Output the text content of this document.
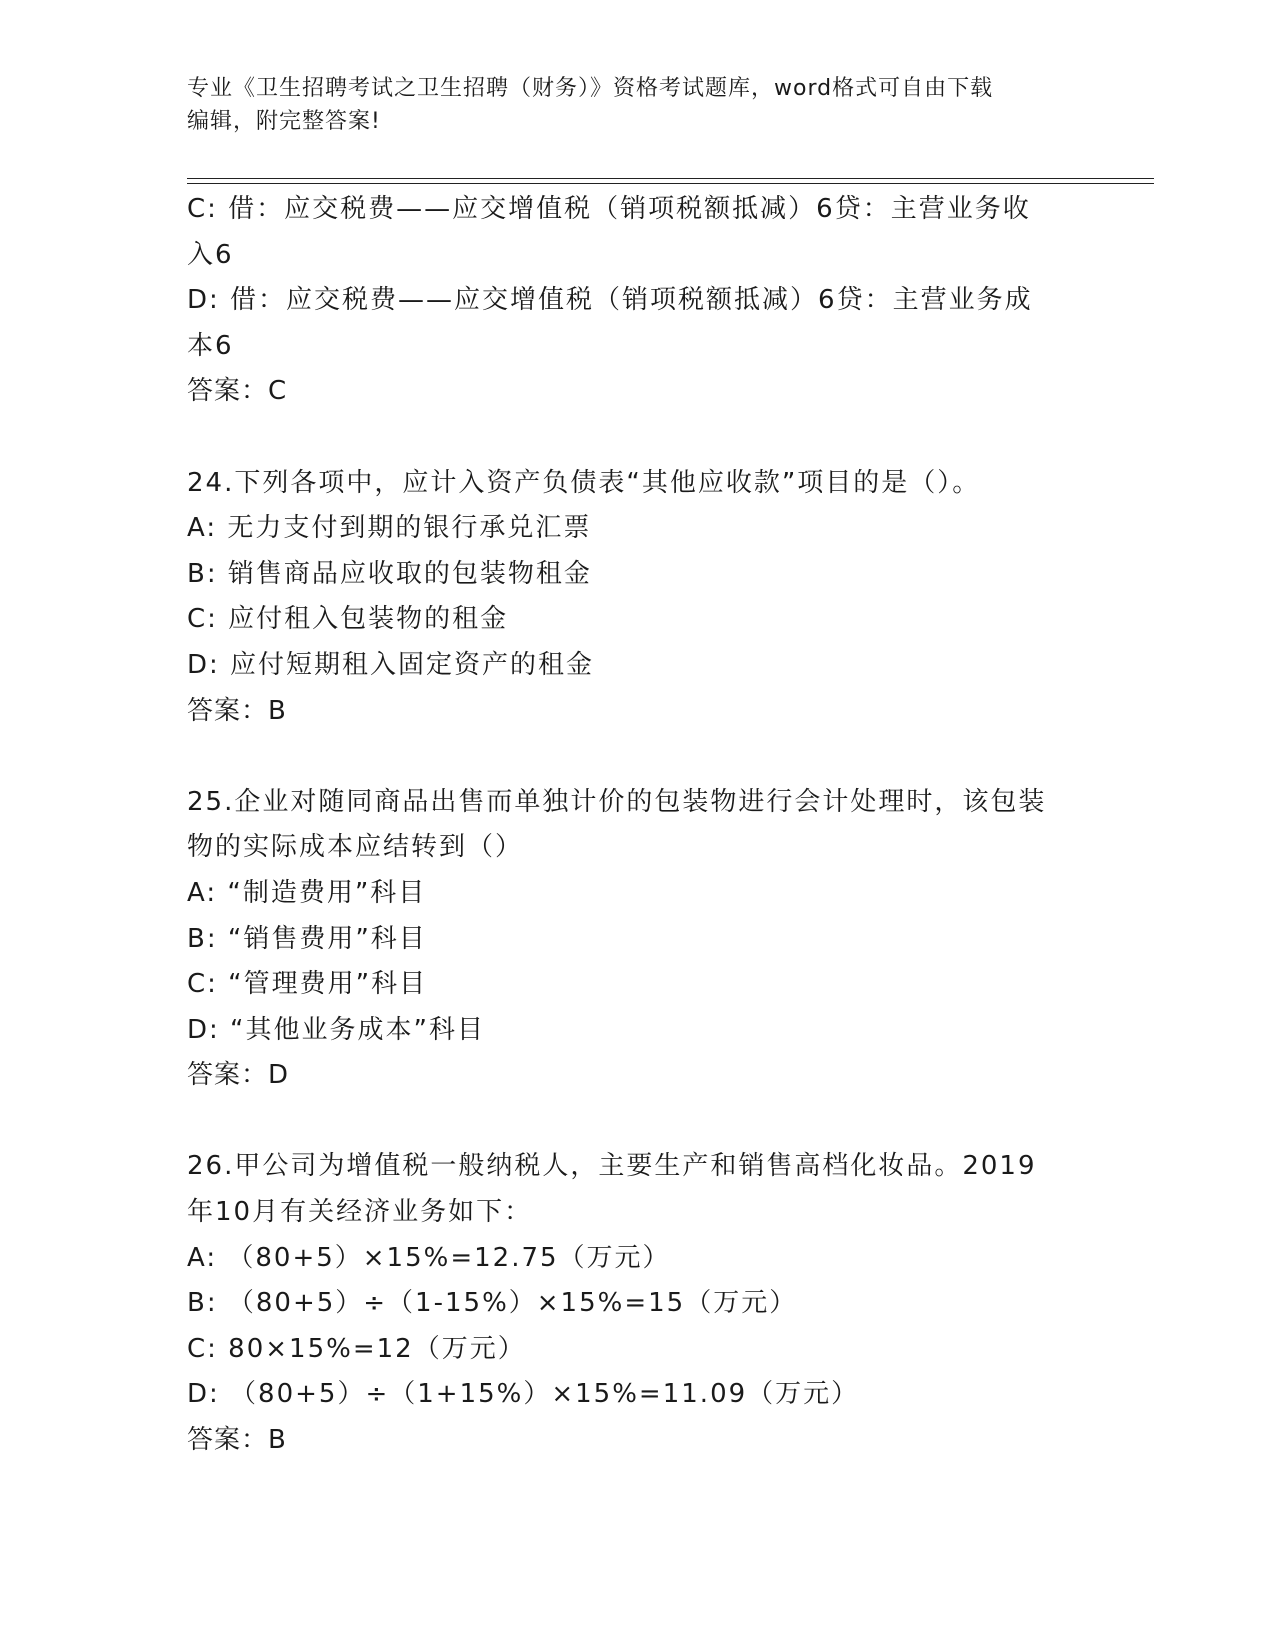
专业《卫生招聘考试之卫生招聘（财务）》资格考试题库，word格式可自由下载
编辑，附完整答案!
C: 借：应交税费——应交增值税（销项税额抵减）6贷：主营业务收
入6
D: 借：应交税费——应交增值税（销项税额抵减）6贷：主营业务成
本6
答案：C
24.下列各项中，应计入资产负债表“其他应收款”项目的是（）。
A: 无力支付到期的银行承兑汇票
B: 销售商品应收取的包装物租金
C: 应付租入包装物的租金
D: 应付短期租入固定资产的租金
答案：B
25.企业对随同商品出售而单独计价的包装物进行会计处理时，该包装
物的实际成本应结转到（）
A: “制造费用”科目
B: “销售费用”科目
C: “管理费用”科目
D: “其他业务成本”科目
答案：D
26.甲公司为增值税一般纳税人，主要生产和销售高档化妆品。2019
年10月有关经济业务如下：
A: （80+5）×15%=12.75（万元）
B: （80+5）÷（1-15%）×15%=15（万元）
C: 80×15%=12（万元）
D: （80+5）÷（1+15%）×15%=11.09（万元）
答案：B
